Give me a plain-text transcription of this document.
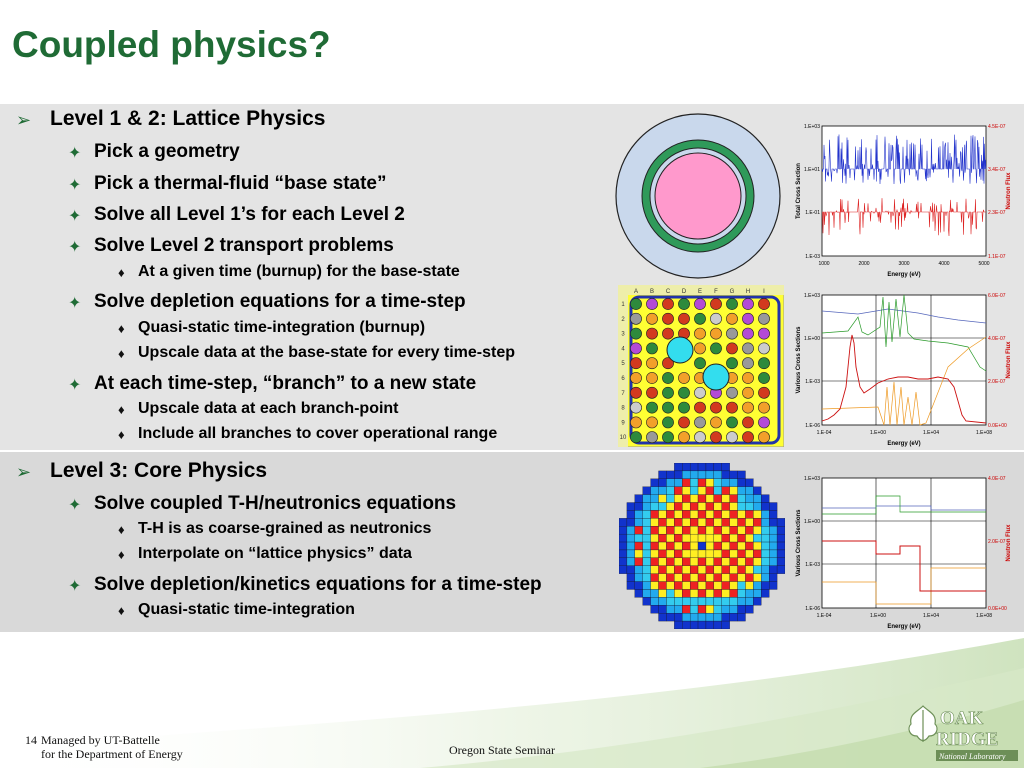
Coupled physics?
➢ Level 1 & 2: Lattice Physics
✦ Pick a geometry
✦ Pick a thermal-fluid “base state”
✦ Solve all Level 1’s for each Level 2
✦ Solve Level 2 transport problems
♦ At a given time (burnup) for the base-state
✦ Solve depletion equations for a time-step
♦ Quasi-static time-integration (burnup)
♦ Upscale data at the base-state for every time-step
✦ At each time-step, “branch” to a new state
♦ Upscale data at each branch-point
♦ Include all branches to cover operational range
➢ Level 3: Core Physics
✦ Solve coupled T-H/neutronics equations
♦ T-H is as coarse-grained as neutronics
♦ Interpolate on “lattice physics” data
✦ Solve depletion/kinetics equations for a time-step
♦ Quasi-static time-integration
A B C D E F G H I
1
2
3
4
5
6
7
8
9
10
Total Cross Section	Neutron Flux
Energy (eV)
1.E+03
1.E+01
1.E-01
1.E-03
4.5E-07
3.4E-07
2.3E-07
1.1E-07
1000	2000	3000	4000	5000
Various Cross Sections	Neutron Flux
Energy (eV)
1.E+03
1.E+00
1.E-03
1.E-06
6.0E-07
4.0E-07
2.0E-07
0.0E+00
1.E-04	1.E+00	1.E+04	1.E+08
Various Cross Sections	Neutron Flux
Energy (eV)
1.E+03
1.E+00
1.E-03
1.E-06
4.0E-07
2.0E-07
0.0E+00
1.E-04	1.E+00	1.E+04	1.E+08
14 Managed by UT-Battelle
for the Department of Energy	Oregon State Seminar
OAK
RIDGE
National Laboratory
